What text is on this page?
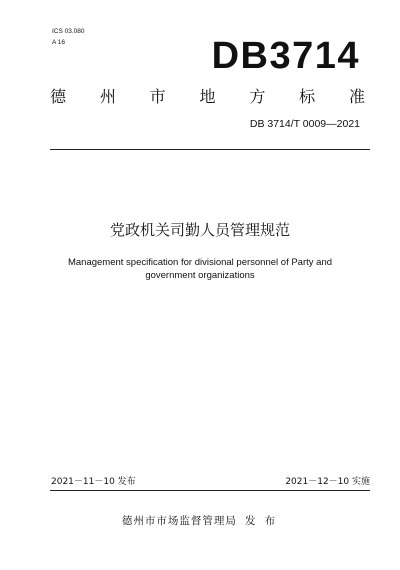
ICS 03.080
A 16	DB3714
德 州 市 地 方 标 准
DB 3714/T 0009—2021
党政机关司勤人员管理规范
Management specification for divisional personnel of Party and
government organizations
2021－11－10 发布	2021－12－10 实施
德州市市场监督管理局 发 布
